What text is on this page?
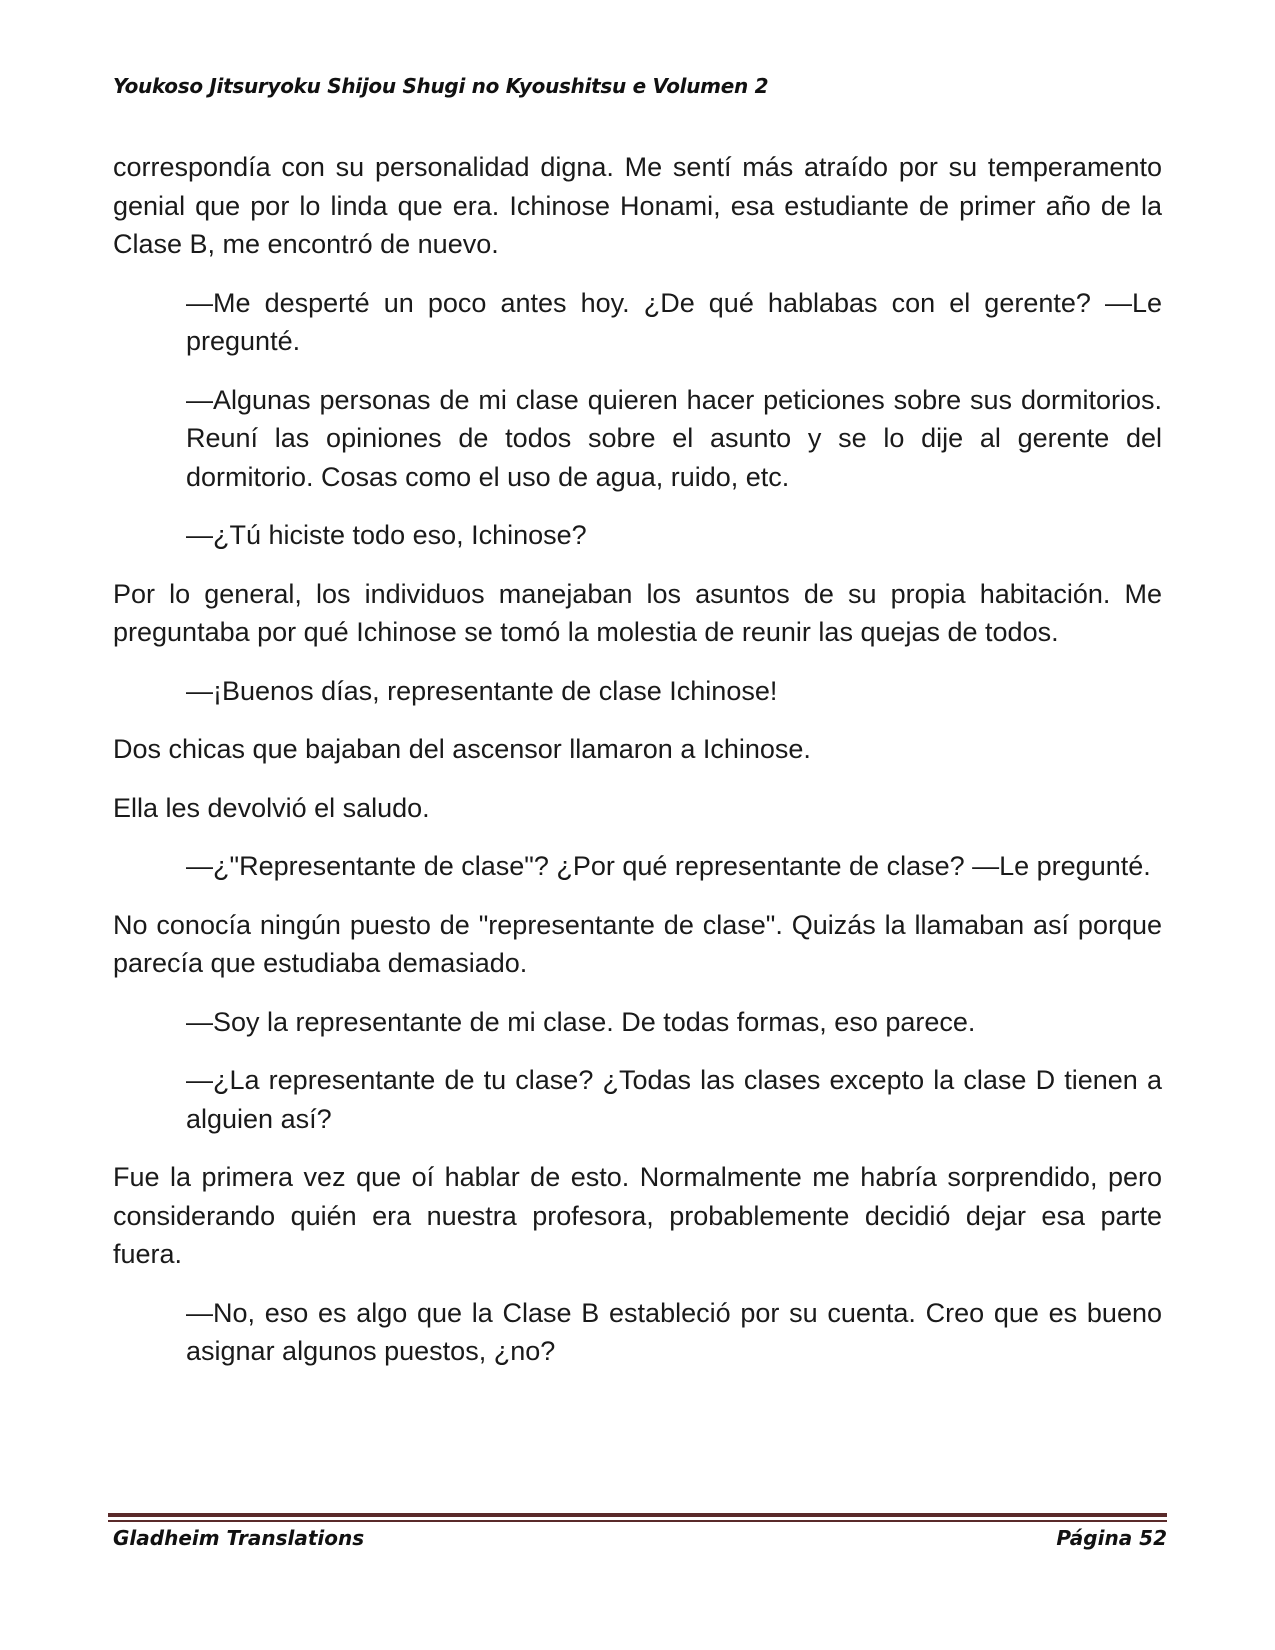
Youkoso Jitsuryoku Shijou Shugi no Kyoushitsu e Volumen 2

correspondía con su personalidad digna. Me sentí más atraído por su temperamento genial que por lo linda que era. Ichinose Honami, esa estudiante de primer año de la Clase B, me encontró de nuevo.

—Me desperté un poco antes hoy. ¿De qué hablabas con el gerente? —Le pregunté.

—Algunas personas de mi clase quieren hacer peticiones sobre sus dormitorios. Reuní las opiniones de todos sobre el asunto y se lo dije al gerente del dormitorio. Cosas como el uso de agua, ruido, etc.

—¿Tú hiciste todo eso, Ichinose?

Por lo general, los individuos manejaban los asuntos de su propia habitación. Me preguntaba por qué Ichinose se tomó la molestia de reunir las quejas de todos.

—¡Buenos días, representante de clase Ichinose!

Dos chicas que bajaban del ascensor llamaron a Ichinose.

Ella les devolvió el saludo.

—¿"Representante de clase"? ¿Por qué representante de clase? —Le pregunté.

No conocía ningún puesto de "representante de clase". Quizás la llamaban así porque parecía que estudiaba demasiado.

—Soy la representante de mi clase. De todas formas, eso parece.

—¿La representante de tu clase? ¿Todas las clases excepto la clase D tienen a alguien así?

Fue la primera vez que oí hablar de esto. Normalmente me habría sorprendido, pero considerando quién era nuestra profesora, probablemente decidió dejar esa parte fuera.

—No, eso es algo que la Clase B estableció por su cuenta. Creo que es bueno asignar algunos puestos, ¿no?

Gladheim Translations	Página 52
